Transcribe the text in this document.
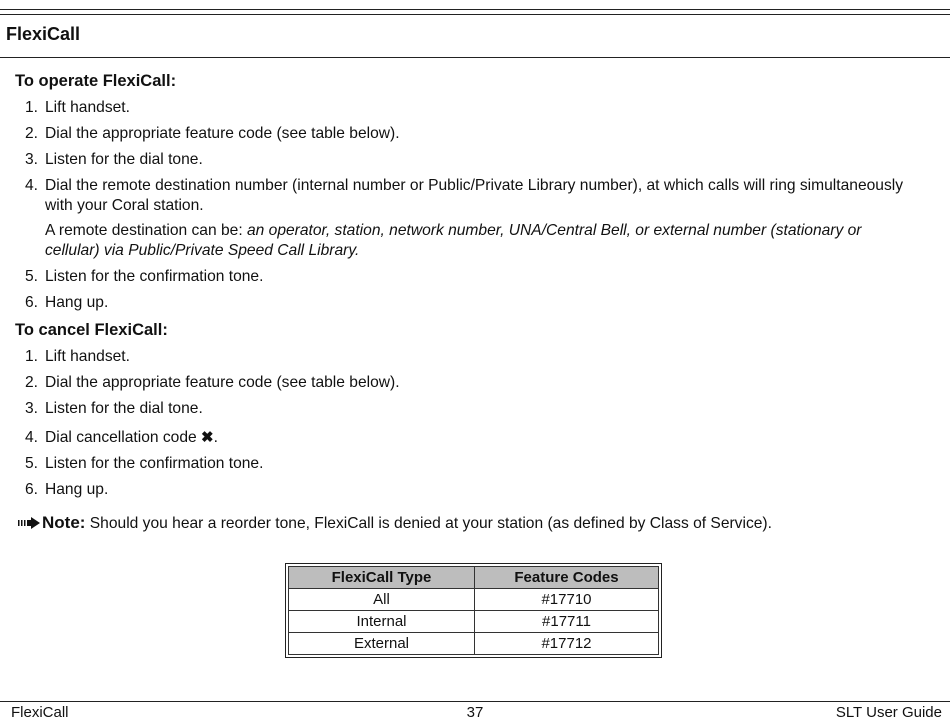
FlexiCall
To operate FlexiCall:
1. Lift handset.
2. Dial the appropriate feature code (see table below).
3. Listen for the dial tone.
4. Dial the remote destination number (internal number or Public/Private Library number), at which calls will ring simultaneously with your Coral station.
A remote destination can be: an operator, station, network number, UNA/Central Bell, or external number (stationary or cellular) via Public/Private Speed Call Library.
5. Listen for the confirmation tone.
6. Hang up.
To cancel FlexiCall:
1. Lift handset.
2. Dial the appropriate feature code (see table below).
3. Listen for the dial tone.
4. Dial cancellation code ✖.
5. Listen for the confirmation tone.
6. Hang up.
Note: Should you hear a reorder tone, FlexiCall is denied at your station (as defined by Class of Service).
FlexiCall Type	Feature Codes
All	#17710
Internal	#17711
External	#17712
FlexiCall	37	SLT User Guide
